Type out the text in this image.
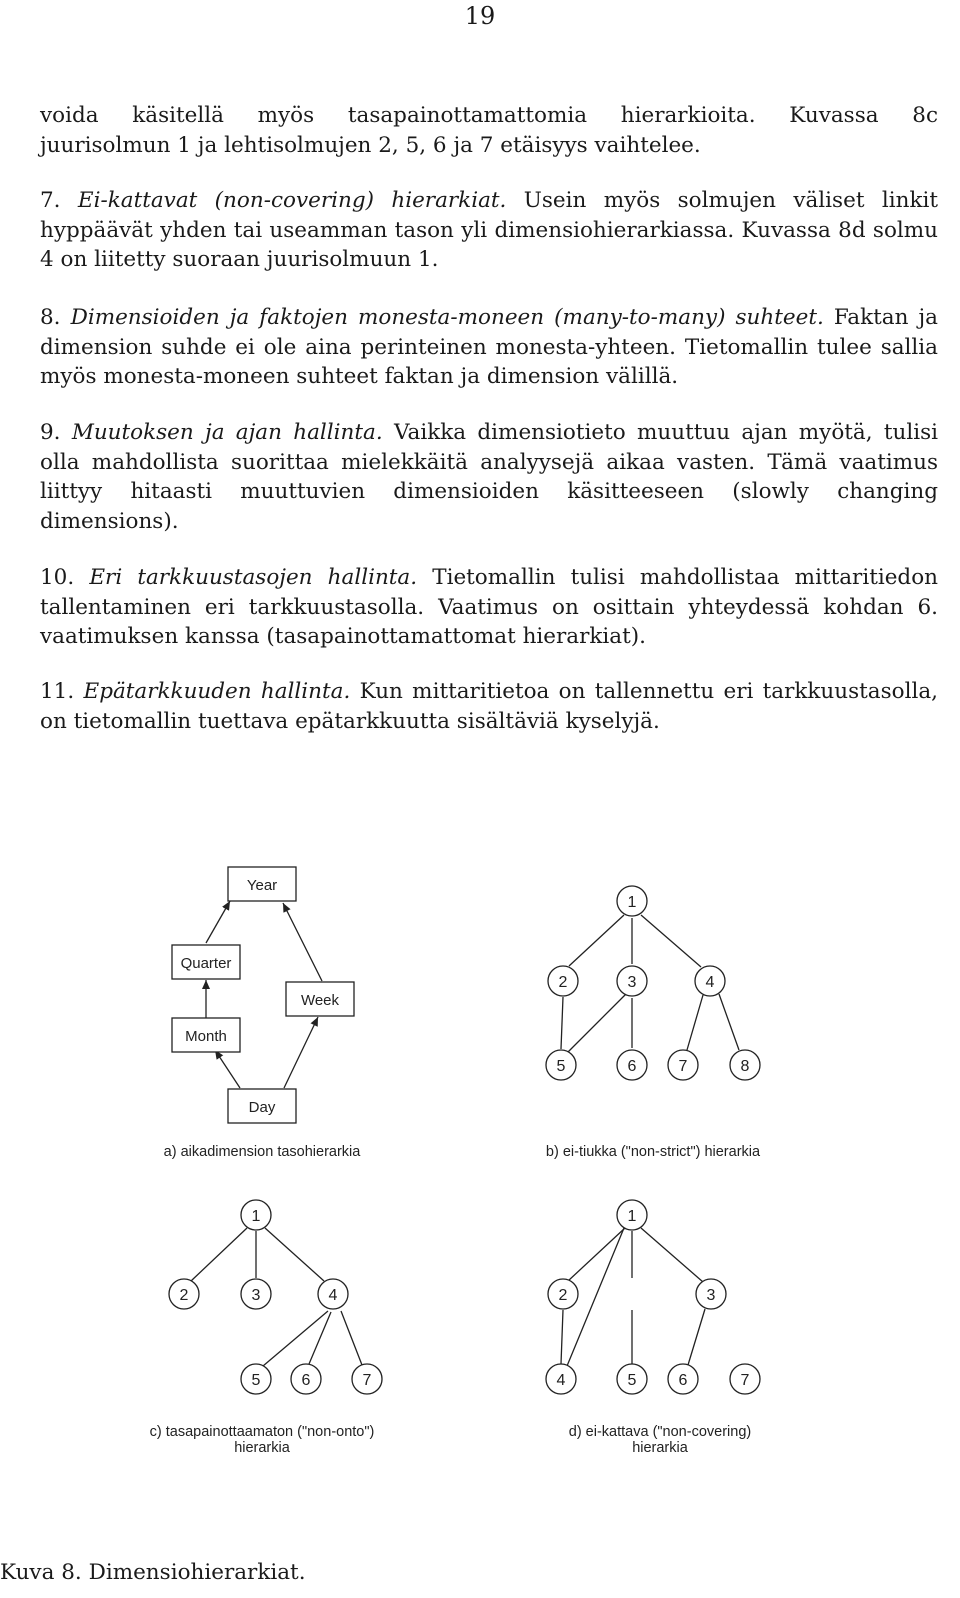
19
voida käsitellä myös tasapainottamattomia hierarkioita. Kuvassa 8c
juurisolmun 1 ja lehtisolmujen 2, 5, 6 ja 7 etäisyys vaihtelee.
7. Ei-kattavat (non-covering) hierarkiat. Usein myös solmujen väliset linkit hyppäävät yhden tai useamman tason yli dimensiohierarkiassa. Kuvassa 8d solmu 4 on liitetty suoraan juurisolmuun 1.
8. Dimensioiden ja faktojen monesta-moneen (many-to-many) suhteet. Faktan ja dimension suhde ei ole aina perinteinen monesta-yhteen. Tietomallin tulee sallia myös monesta-moneen suhteet faktan ja dimension välillä.
9. Muutoksen ja ajan hallinta. Vaikka dimensiotieto muuttuu ajan myötä, tulisi olla mahdollista suorittaa mielekkäitä analyysejä aikaa vasten. Tämä vaatimus liittyy hitaasti muuttuvien dimensioiden käsitteeseen (slowly changing dimensions).
10. Eri tarkkuustasojen hallinta. Tietomallin tulisi mahdollistaa mittaritiedon tallentaminen eri tarkkuustasolla. Vaatimus on osittain yhteydessä kohdan 6. vaatimuksen kanssa (tasapainottamattomat hierarkiat).
11. Epätarkkuuden hallinta. Kun mittaritietoa on tallennettu eri tarkkuustasolla, on tietomallin tuettava epätarkkuutta sisältäviä kyselyjä.
Year
Quarter
Week
Month
Day
a) aikadimension tasohierarkia
1
2	3	4
5	6	7	8
b) ei-tiukka ("non-strict") hierarkia
1
2	3	4
5	6	7
c) tasapainottaamaton ("non-onto")
hierarkia
1
2	3
4	5	6	7
d) ei-kattava ("non-covering)
hierarkia
Kuva 8. Dimensiohierarkiat.
